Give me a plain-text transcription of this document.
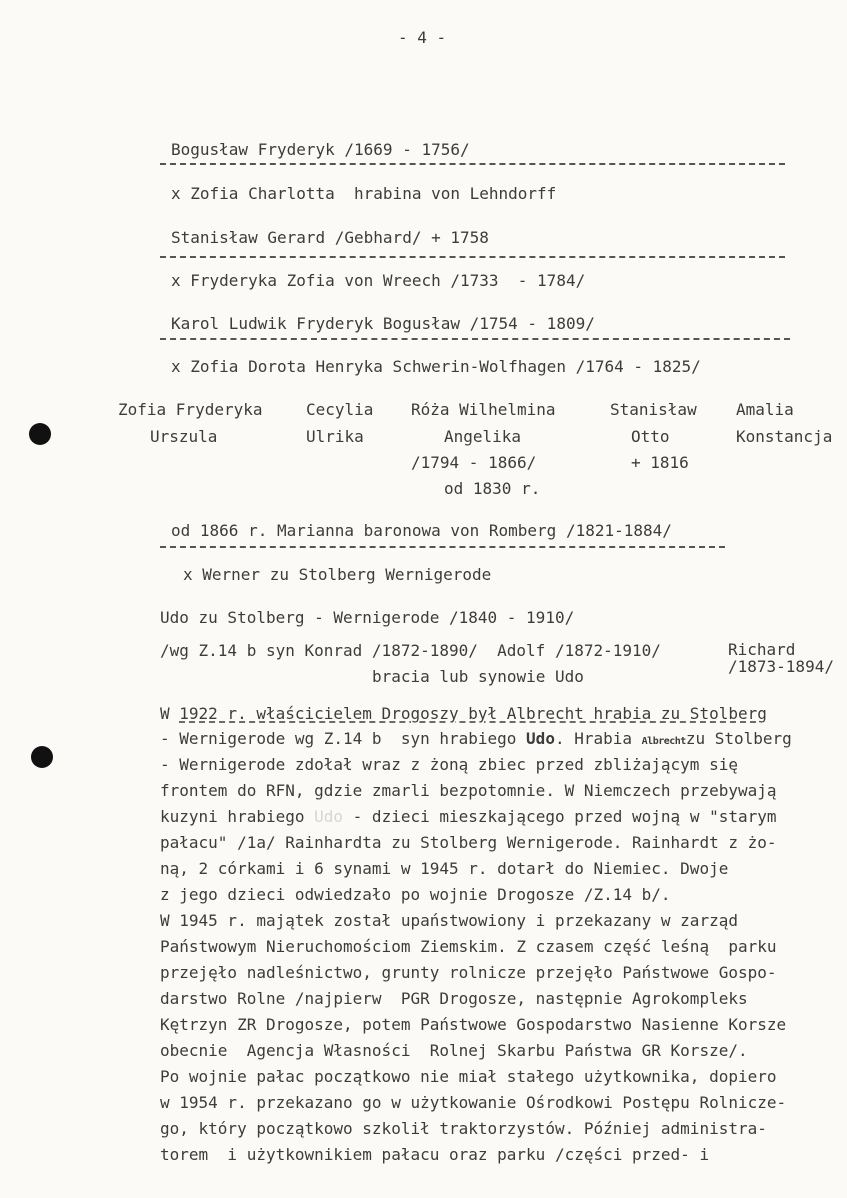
- 4 -
Bogusław Fryderyk /1669 - 1756/
x Zofia Charlotta  hrabina von Lehndorff
Stanisław Gerard /Gebhard/ + 1758
x Fryderyka Zofia von Wreech /1733  - 1784/
Karol Ludwik Fryderyk Bogusław /1754 - 1809/
x Zofia Dorota Henryka Schwerin-Wolfhagen /1764 - 1825/
Zofia Fryderyka
Urszula
Cecylia
Ulrika
Róża Wilhelmina
Angelika
/1794 - 1866/
od 1830 r.
Stanisław
Otto
+ 1816
Amalia
Konstancja
od 1866 r. Marianna baronowa von Romberg /1821-1884/
x Werner zu Stolberg Wernigerode
Udo zu Stolberg - Wernigerode /1840 - 1910/
/wg Z.14 b syn Konrad /1872-1890/  Adolf /1872-1910/	Richard
/1873-1894/
bracia lub synowie Udo
W 1922 r. właścicielem Drogoszy był Albrecht hrabia zu Stolberg
- Wernigerode wg Z.14 b  syn hrabiego Udo. Hrabia Albrechtzu Stolberg
- Wernigerode zdołał wraz z żoną zbiec przed zbliżającym się
frontem do RFN, gdzie zmarli bezpotomnie. W Niemczech przebywają
kuzyni hrabiego Udo - dzieci mieszkającego przed wojną w "starym
pałacu" /1a/ Rainhardta zu Stolberg Wernigerode. Rainhardt z żo-
ną, 2 córkami i 6 synami w 1945 r. dotarł do Niemiec. Dwoje
z jego dzieci odwiedzało po wojnie Drogosze /Z.14 b/.
W 1945 r. majątek został upaństwowiony i przekazany w zarząd
Państwowym Nieruchomościom Ziemskim. Z czasem część leśną  parku
przejęło nadleśnictwo, grunty rolnicze przejęło Państwowe Gospo-
darstwo Rolne /najpierw  PGR Drogosze, następnie Agrokompleks
Kętrzyn ZR Drogosze, potem Państwowe Gospodarstwo Nasienne Korsze
obecnie  Agencja Własności  Rolnej Skarbu Państwa GR Korsze/.
Po wojnie pałac początkowo nie miał stałego użytkownika, dopiero
w 1954 r. przekazano go w użytkowanie Ośrodkowi Postępu Rolnicze-
go, który początkowo szkolił traktorzystów. Później administra-
torem  i użytkownikiem pałacu oraz parku /części przed- i
